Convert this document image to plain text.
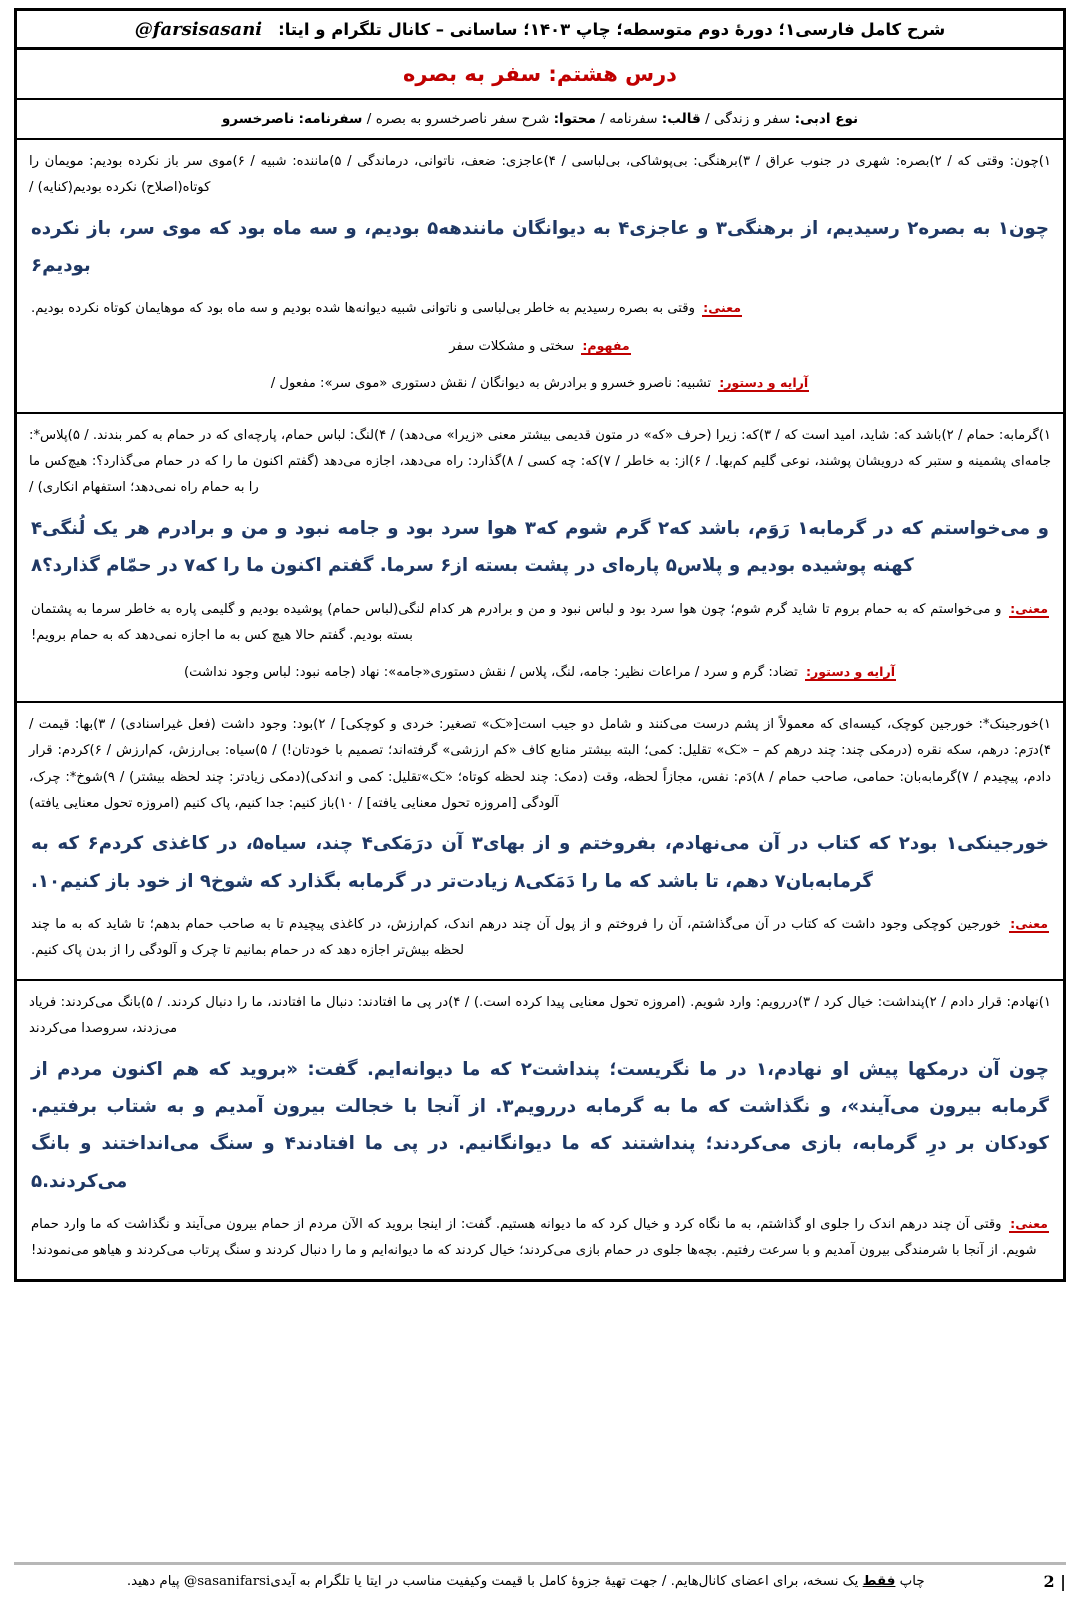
شرح کامل فارسی۱؛ دورهٔ دوم متوسطه؛ چاپ ۱۴۰۳؛ ساسانی – کانال تلگرام و ایتا:
@farsisasani
درس هشتم: سفر به بصره
نوع ادبی: سفر و زندگی / قالب: سفرنامه / محتوا: شرح سفر ناصرخسرو به بصره / سفرنامه: ناصرخسرو
۱)چون: وقتی که / ۲)بصره: شهری در جنوب عراق / ۳)برهنگی: بی‌پوشاکی، بی‌لباسی / ۴)عاجزی: ضعف، ناتوانی، درماندگی / ۵)ماننده: شبیه / ۶)موی سر باز نکرده بودیم: مویمان را کوتاه(اصلاح) نکرده بودیم(کنایه) /
چون۱ به بصره۲ رسیدیم، از برهنگی۳ و عاجزی۴ به دیوانگان مانندهه۵ بودیم، و سه ماه بود که موی سر، باز نکرده بودیم۶
معنی: وقتی به بصره رسیدیم به خاطر بی‌لباسی و ناتوانی شبیه دیوانه‌ها شده بودیم و سه ماه بود که موهایمان کوتاه نکرده بودیم.
مفهوم: سختی و مشکلات سفر
آرایه و دستور: تشبیه: ناصرو خسرو و برادرش به دیوانگان / نقش دستوری «موی سر»: مفعول /
۱)گرمابه: حمام / ۲)باشد که: شاید، امید است که / ۳)که: زیرا (حرف «که» در متون قدیمی بیشتر معنی «زیرا» می‌دهد) / ۴)لنگ: لباس حمام، پارچه‌ای که در حمام به کمر بندند. / ۵)پلاس*: جامه‌ای پشمینه و ستبر که درویشان پوشند، نوعی گلیم کم‌بها. / ۶)از: به خاطر / ۷)که: چه کسی / ۸)گذارد: راه می‌دهد، اجازه می‌دهد (گفتم اکنون ما را که در حمام می‌گذارد؟: هیچ‌کس ما را به حمام راه نمی‌دهد؛ استفهام انکاری) /
و می‌خواستم که در گرمابه۱ رَوَم، باشد که۲ گرم شوم که۳ هوا سرد بود و جامه نبود و من و برادرم هر یک لُنگی۴ کهنه پوشیده بودیم و پلاس۵ پاره‌ای در پشت بسته از۶ سرما. گفتم اکنون ما را که۷ در حمّام گذارد؟۸
معنی: و می‌خواستم که به حمام بروم تا شاید گرم شوم؛ چون هوا سرد بود و لباس نبود و من و برادرم هر کدام لنگی(لباس حمام) پوشیده بودیم و گلیمی پاره به خاطر سرما به پشتمان بسته بودیم. گفتم حالا هیچ کس به ما اجازه نمی‌دهد که به حمام برویم!
آرایه و دستور: تضاد: گرم و سرد / مراعات نظیر: جامه، لنگ، پلاس / نقش دستوری«جامه»: نهاد (جامه نبود: لباس وجود نداشت)
۱)خورجینک*: خورجین کوچک، کیسه‌ای که معمولاً از پشم درست می‌کنند و شامل دو جیب است[«ـَک» تصغیر: خردی و کوچکی] / ۲)بود: وجود داشت (فعل غیراسنادی) / ۳)بها: قیمت / ۴)درَم: درهم، سکه نقره (درمکی چند: چند درهم کم – «ـَک» تقلیل: کمی؛ البته بیشتر منابع کاف «کم ارزشی» گرفته‌اند؛ تصمیم با خودتان!) / ۵)سیاه: بی‌ارزش، کم‌ارزش / ۶)کردم: قرار دادم، پیچیدم / ۷)گرمابه‌بان: حمامی، صاحب حمام / ۸)دَم: نفس، مجازاً لحظه، وقت (دمک: چند لحظه کوتاه؛ «ـَک»تقلیل: کمی و اندکی)(دمکی زیادتر: چند لحظه بیشتر) / ۹)شوخ*: چرک، آلودگی [امروزه تحول معنایی یافته] / ۱۰)باز کنیم: جدا کنیم، پاک کنیم (امروزه تحول معنایی یافته)
خورجینکی۱ بود۲ که کتاب در آن می‌نهادم، بفروختم و از بهای۳ آن درَمَکی۴ چند، سیاه۵، در کاغذی کردم۶ که به گرمابه‌بان۷ دهم، تا باشد که ما را دَمَکی۸ زیادت‌تر در گرمابه بگذارد که شوخ۹ از خود باز کنیم۱۰.
معنی: خورجین کوچکی وجود داشت که کتاب در آن می‌گذاشتم، آن را فروختم و از پول آن چند درهم اندک، کم‌ارزش، در کاغذی پیچیدم تا به صاحب حمام بدهم؛ تا شاید که به ما چند لحظه بیش‌تر اجازه دهد که در حمام بمانیم تا چرک و آلودگی را از بدن پاک کنیم.
۱)نهادم: قرار دادم / ۲)پنداشت: خیال کرد / ۳)دررویم: وارد شویم. (امروزه تحول معنایی پیدا کرده است.) / ۴)در پی ما افتادند: دنبال ما افتادند، ما را دنبال کردند. / ۵)بانگ می‌کردند: فریاد می‌زدند، سروصدا می‌کردند
چون آن درمکها پیش او نهادم،۱ در ما نگریست؛ پنداشت۲ که ما دیوانه‌ایم. گفت: «بروید که هم اکنون مردم از گرمابه بیرون می‌آیند»، و نگذاشت که ما به گرمابه دررویم۳. از آنجا با خجالت بیرون آمدیم و به شتاب برفتیم. کودکان بر درِ گرمابه، بازی می‌کردند؛ پنداشتند که ما دیوانگانیم. در پی ما افتادند۴ و سنگ می‌انداختند و بانگ می‌کردند.۵
معنی: وقتی آن چند درهم اندک را جلوی او گذاشتم، به ما نگاه کرد و خیال کرد که ما دیوانه هستیم. گفت: از اینجا بروید که الآن مردم از حمام بیرون می‌آیند و نگذاشت که ما وارد حمام شویم. از آنجا با شرمندگی بیرون آمدیم و با سرعت رفتیم. بچه‌ها جلوی در حمام بازی می‌کردند؛ خیال کردند که ما دیوانه‌ایم و ما را دنبال کردند و سنگ پرتاب می‌کردند و هیاهو می‌نمودند!
2 |
چاپ فقط یک نسخه، برای اعضای کانال‌هایم. / جهت تهیهٔ جزوهٔ کامل با قیمت وکیفیت مناسب در ایتا یا تلگرام به آیدی@sasanifarsi پیام دهید.
